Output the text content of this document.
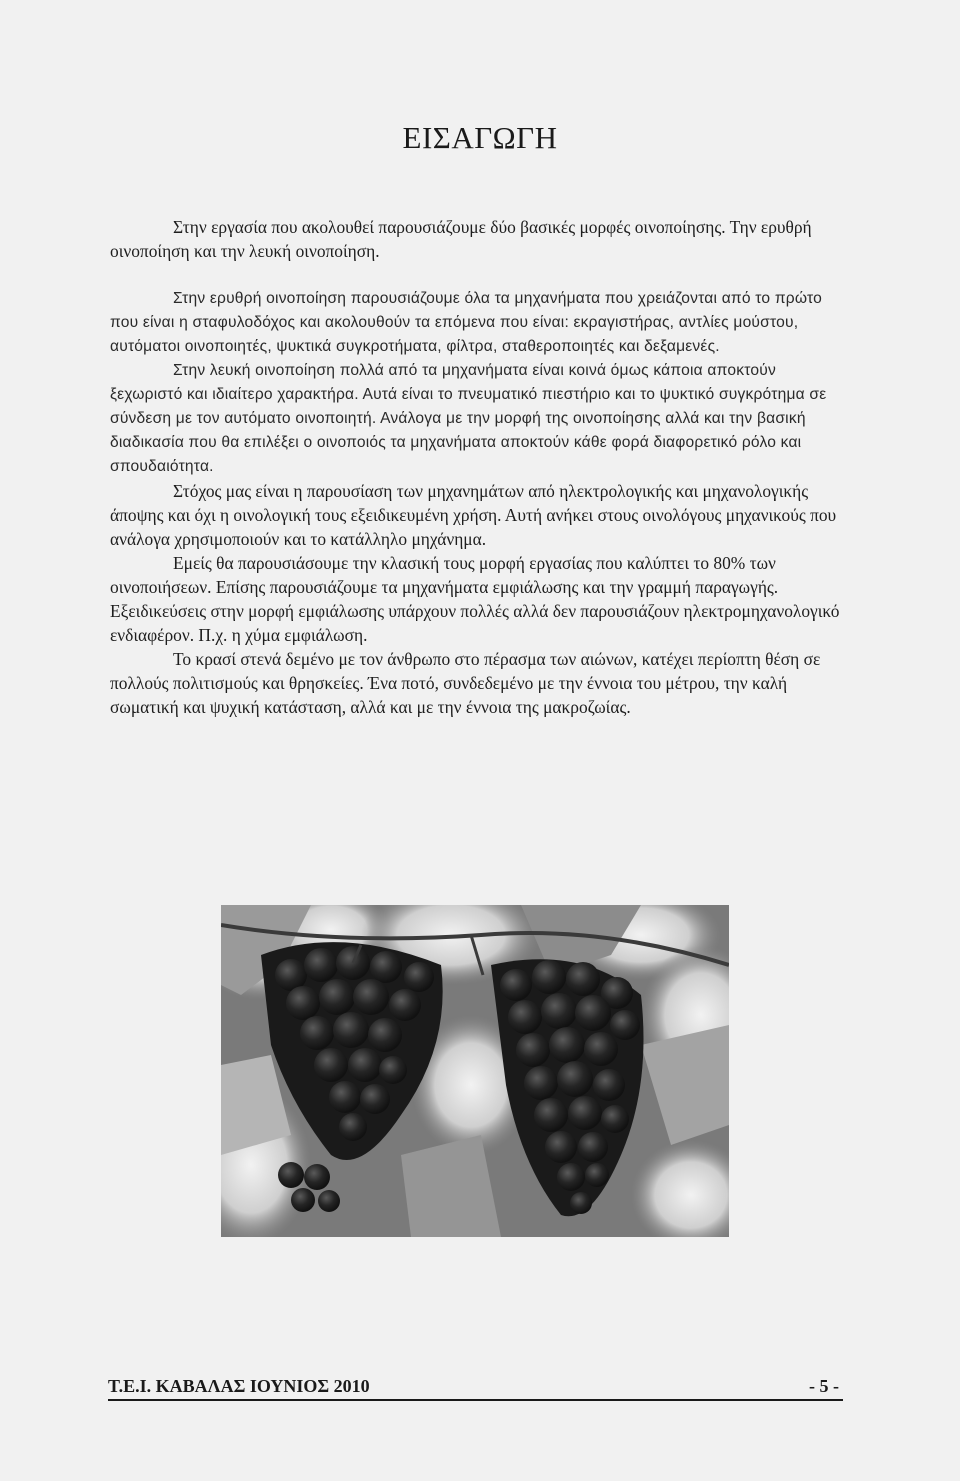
ΕΙΣΑΓΩΓΗ

Στην εργασία που ακολουθεί παρουσιάζουμε δύο βασικές μορφές οινοποίησης. Την ερυθρή οινοποίηση και την λευκή οινοποίηση.

Στην ερυθρή οινοποίηση παρουσιάζουμε όλα τα μηχανήματα που χρειάζονται από το πρώτο που είναι η σταφυλοδόχος και ακολουθούν τα επόμενα που είναι: εκραγιστήρας, αντλίες μούστου, αυτόματοι οινοποιητές, ψυκτικά συγκροτήματα, φίλτρα, σταθεροποιητές και δεξαμενές.

Στην λευκή οινοποίηση πολλά από τα μηχανήματα είναι κοινά όμως κάποια αποκτούν ξεχωριστό και ιδιαίτερο χαρακτήρα. Αυτά είναι το πνευματικό πιεστήριο και το ψυκτικό συγκρότημα σε σύνδεση με τον αυτόματο οινοποιητή. Ανάλογα με την μορφή της οινοποίησης αλλά και την βασική διαδικασία που θα επιλέξει ο οινοποιός τα μηχανήματα αποκτούν κάθε φορά διαφορετικό ρόλο και σπουδαιότητα.

Στόχος μας είναι η παρουσίαση των μηχανημάτων από ηλεκτρολογικής και μηχανολογικής άποψης και όχι η οινολογική τους εξειδικευμένη χρήση. Αυτή ανήκει στους οινολόγους μηχανικούς που ανάλογα χρησιμοποιούν και το κατάλληλο μηχάνημα.

Εμείς θα παρουσιάσουμε την κλασική τους μορφή εργασίας που καλύπτει το 80% των οινοποιήσεων. Επίσης παρουσιάζουμε τα μηχανήματα εμφιάλωσης και την γραμμή παραγωγής. Εξειδικεύσεις στην μορφή εμφιάλωσης υπάρχουν πολλές αλλά δεν παρουσιάζουν ηλεκτρομηχανολογικό ενδιαφέρον. Π.χ. η χύμα εμφιάλωση.

Το κρασί στενά δεμένο με τον άνθρωπο στο πέρασμα των αιώνων, κατέχει περίοπτη θέση σε πολλούς πολιτισμούς και θρησκείες. Ένα ποτό, συνδεδεμένο με την έννοια του μέτρου, την καλή σωματική και ψυχική κατάσταση, αλλά και με την έννοια της μακροζωίας.

Τ.Ε.Ι. ΚΑΒΑΛΑΣ ΙΟΥΝΙΟΣ 2010	- 5 -
